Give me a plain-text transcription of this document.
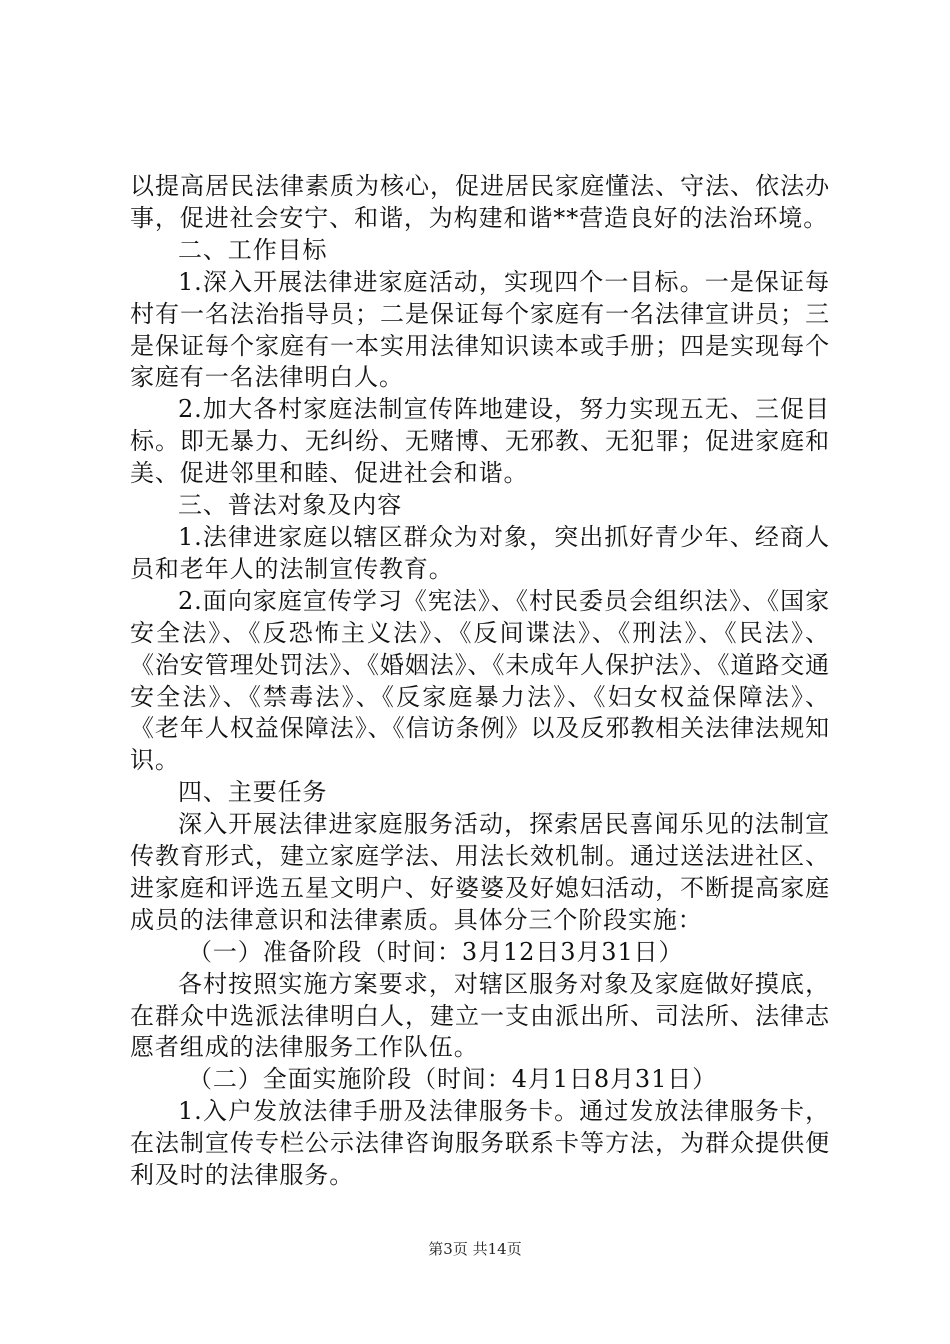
以提高居民法律素质为核心，促进居民家庭懂法、守法、依法办事，促进社会安宁、和谐，为构建和谐**营造良好的法治环境。

二、工作目标

1.深入开展法律进家庭活动，实现四个一目标。一是保证每村有一名法治指导员；二是保证每个家庭有一名法律宣讲员；三是保证每个家庭有一本实用法律知识读本或手册；四是实现每个家庭有一名法律明白人。

2.加大各村家庭法制宣传阵地建设，努力实现五无、三促目标。即无暴力、无纠纷、无赌博、无邪教、无犯罪；促进家庭和美、促进邻里和睦、促进社会和谐。

三、普法对象及内容

1.法律进家庭以辖区群众为对象，突出抓好青少年、经商人员和老年人的法制宣传教育。

2.面向家庭宣传学习《宪法》、《村民委员会组织法》、《国家安全法》、《反恐怖主义法》、《反间谍法》、《刑法》、《民法》、《治安管理处罚法》、《婚姻法》、《未成年人保护法》、《道路交通安全法》、《禁毒法》、《反家庭暴力法》、《妇女权益保障法》、《老年人权益保障法》、《信访条例》以及反邪教相关法律法规知识。

四、主要任务

深入开展法律进家庭服务活动，探索居民喜闻乐见的法制宣传教育形式，建立家庭学法、用法长效机制。通过送法进社区、进家庭和评选五星文明户、好婆婆及好媳妇活动，不断提高家庭成员的法律意识和法律素质。具体分三个阶段实施：

（一）准备阶段（时间：3月12日3月31日）

各村按照实施方案要求，对辖区服务对象及家庭做好摸底，在群众中选派法律明白人，建立一支由派出所、司法所、法律志愿者组成的法律服务工作队伍。

（二）全面实施阶段（时间：4月1日8月31日）

1.入户发放法律手册及法律服务卡。通过发放法律服务卡，在法制宣传专栏公示法律咨询服务联系卡等方法，为群众提供便利及时的法律服务。

第3页 共14页
